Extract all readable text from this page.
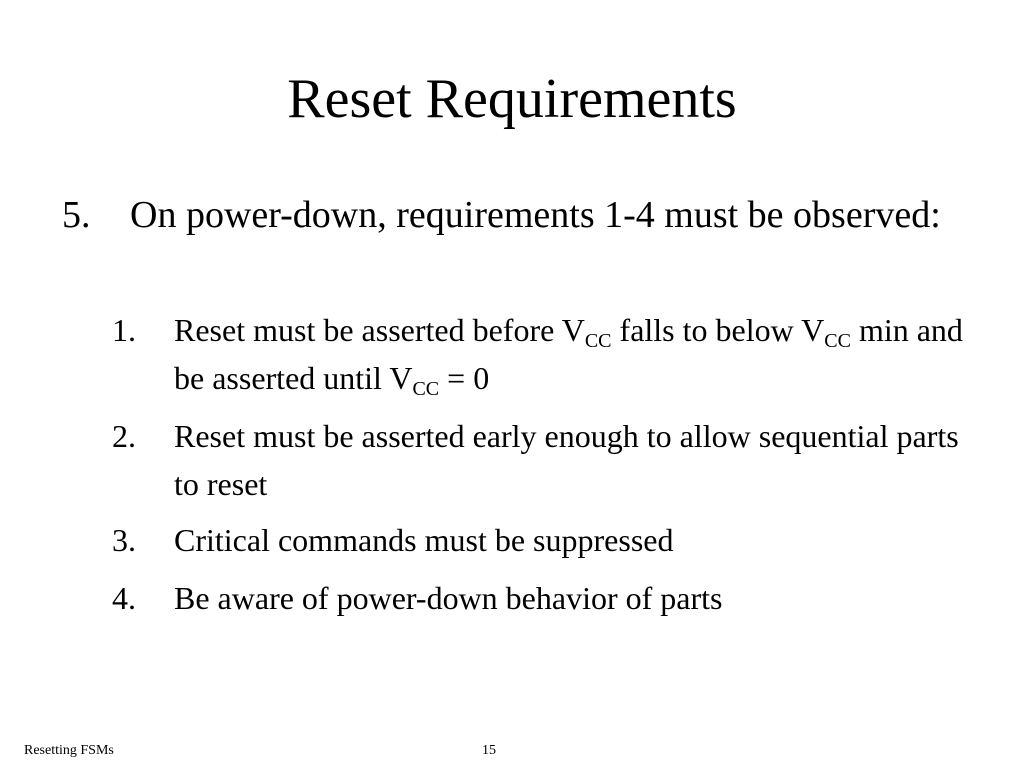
Reset Requirements
5. On power-down, requirements 1-4 must be observed:
1. Reset must be asserted before $V_{CC}$ falls to below $V_{CC}$ min and be asserted until $V_{CC} = 0$
2. Reset must be asserted early enough to allow sequential parts to reset
3. Critical commands must be suppressed
4. Be aware of power-down behavior of parts
Resetting FSMs	15
